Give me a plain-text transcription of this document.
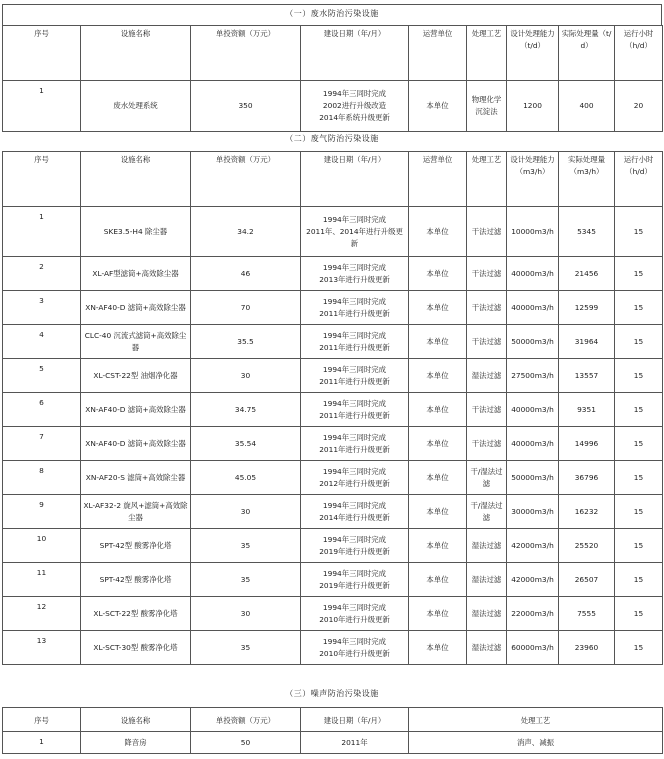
（一）废水防治污染设施
序号	设施名称	单投资额（万元）	建设日期（年/月）	运营单位	处理工艺	设计处理能力（t/d）	实际处理量（t/d）	运行小时（h/d）
1	废水处理系统	350	1994年三同时完成
2002进行升级改造
2014年系统升级更新	本单位	物理化学沉淀法	1200	400	20
（二）废气防治污染设施
序号	设施名称	单投资额（万元）	建设日期（年/月）	运营单位	处理工艺	设计处理能力（m3/h）	实际处理量（m3/h）	运行小时（h/d）
1	SKE3.5-H4 除尘器	34.2	1994年三同时完成
2011年、2014年进行升级更新	本单位	干法过滤	10000m3/h	5345	15
2	XL-AF型滤筒+高效除尘器	46	1994年三同时完成
2013年进行升级更新	本单位	干法过滤	40000m3/h	21456	15
3	XN-AF40-D 滤筒+高效除尘器	70	1994年三同时完成
2011年进行升级更新	本单位	干法过滤	40000m3/h	12599	15
4	CLC-40 沉流式滤筒+高效除尘器	35.5	1994年三同时完成
2011年进行升级更新	本单位	干法过滤	50000m3/h	31964	15
5	XL-CST-22型 油烟净化器	30	1994年三同时完成
2011年进行升级更新	本单位	湿法过滤	27500m3/h	13557	15
6	XN-AF40-D 滤筒+高效除尘器	34.75	1994年三同时完成
2011年进行升级更新	本单位	干法过滤	40000m3/h	9351	15
7	XN-AF40-D 滤筒+高效除尘器	35.54	1994年三同时完成
2011年进行升级更新	本单位	干法过滤	40000m3/h	14996	15
8	XN-AF20-S 滤筒+高效除尘器	45.05	1994年三同时完成
2012年进行升级更新	本单位	干/湿法过滤	50000m3/h	36796	15
9	XL-AF32-2 旋风+滤筒+高效除尘器	30	1994年三同时完成
2014年进行升级更新	本单位	干/湿法过滤	30000m3/h	16232	15
10	SPT-42型 酸雾净化塔	35	1994年三同时完成
2019年进行升级更新	本单位	湿法过滤	42000m3/h	25520	15
11	SPT-42型 酸雾净化塔	35	1994年三同时完成
2019年进行升级更新	本单位	湿法过滤	42000m3/h	26507	15
12	XL-SCT-22型 酸雾净化塔	30	1994年三同时完成
2010年进行升级更新	本单位	湿法过滤	22000m3/h	7555	15
13	XL-SCT-30型 酸雾净化塔	35	1994年三同时完成
2010年进行升级更新	本单位	湿法过滤	60000m3/h	23960	15
（三）噪声防治污染设施
序号	设施名称	单投资额（万元）	建设日期（年/月）	处理工艺
1	降音房	50	2011年	消声、减振
